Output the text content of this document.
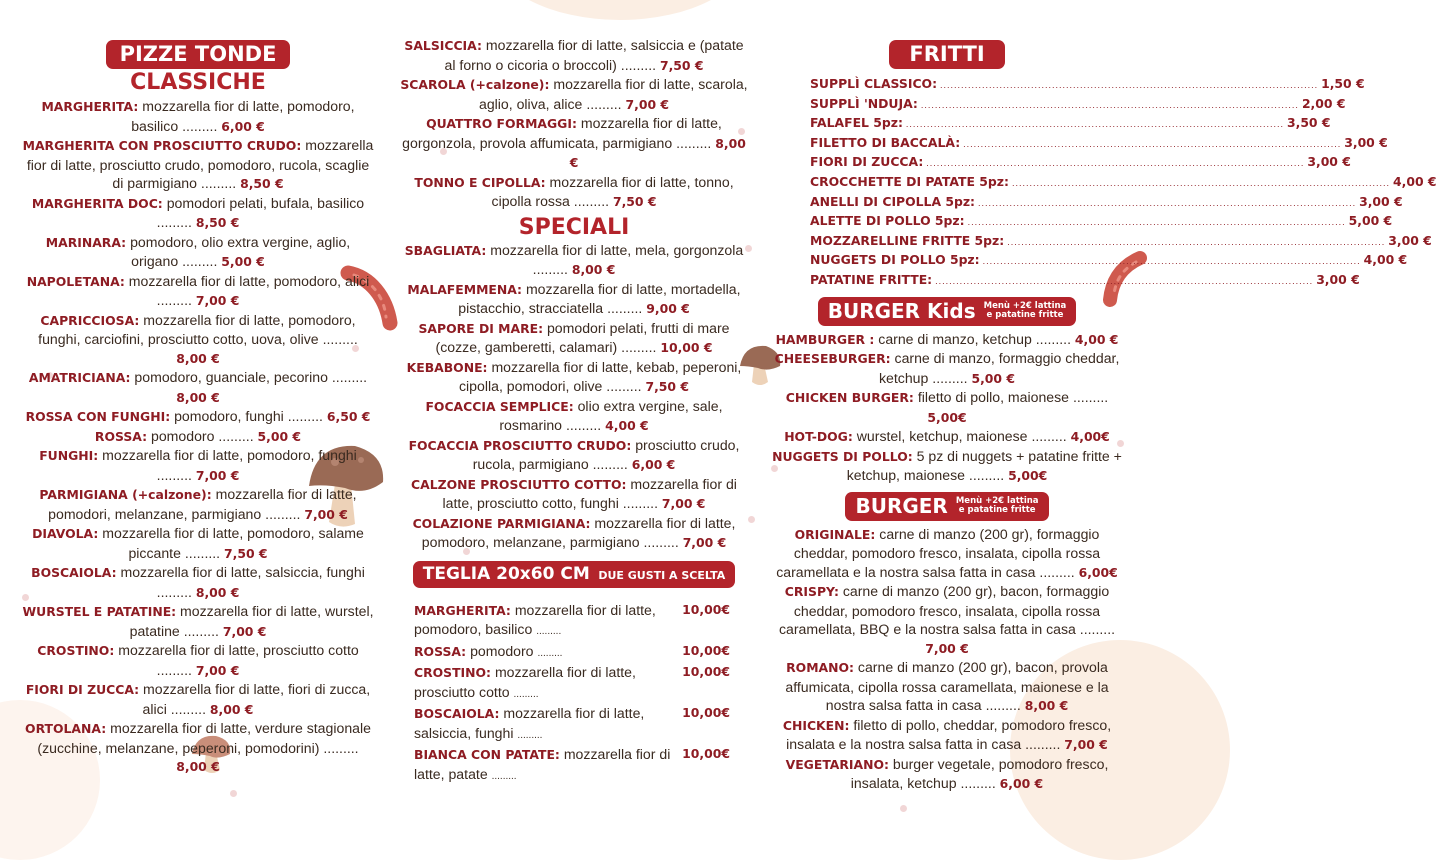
PIZZE TONDE
CLASSICHE
MARGHERITA: mozzarella fior di latte, pomodoro, basilico ......... 6,00 €
MARGHERITA CON PROSCIUTTO CRUDO: mozzarella fior di latte, prosciutto crudo, pomodoro, rucola, scaglie di parmigiano ......... 8,50 €
MARGHERITA DOC: pomodori pelati, bufala, basilico ......... 8,50 €
MARINARA: pomodoro, olio extra vergine, aglio, origano ......... 5,00 €
NAPOLETANA: mozzarella fior di latte, pomodoro, alici ......... 7,00 €
CAPRICCIOSA: mozzarella fior di latte, pomodoro, funghi, carciofini, prosciutto cotto, uova, olive ......... 8,00 €
AMATRICIANA: pomodoro, guanciale, pecorino ......... 8,00 €
ROSSA CON FUNGHI: pomodoro, funghi ......... 6,50 €
ROSSA: pomodoro ......... 5,00 €
FUNGHI: mozzarella fior di latte, pomodoro, funghi ......... 7,00 €
PARMIGIANA (+calzone): mozzarella fior di latte, pomodori, melanzane, parmigiano ......... 7,00 €
DIAVOLA: mozzarella fior di latte, pomodoro, salame piccante ......... 7,50 €
BOSCAIOLA: mozzarella fior di latte, salsiccia, funghi ......... 8,00 €
WURSTEL E PATATINE: mozzarella fior di latte, wurstel, patatine ......... 7,00 €
CROSTINO: mozzarella fior di latte, prosciutto cotto ......... 7,00 €
FIORI DI ZUCCA: mozzarella fior di latte, fiori di zucca, alici ......... 8,00 €
ORTOLANA: mozzarella fior di latte, verdure stagionale (zucchine, melanzane, peperoni, pomodorini) ......... 8,00 €
SALSICCIA: mozzarella fior di latte, salsiccia e (patate al forno o cicoria o broccoli) ......... 7,50 €
SCAROLA (+calzone): mozzarella fior di latte, scarola, aglio, oliva, alice ......... 7,00 €
QUATTRO FORMAGGI: mozzarella fior di latte, gorgonzola, provola affumicata, parmigiano ......... 8,00 €
TONNO E CIPOLLA: mozzarella fior di latte, tonno, cipolla rossa ......... 7,50 €
SPECIALI
SBAGLIATA: mozzarella fior di latte, mela, gorgonzola ......... 8,00 €
MALAFEMMENA: mozzarella fior di latte, mortadella, pistacchio, stracciatella ......... 9,00 €
SAPORE DI MARE: pomodori pelati, frutti di mare (cozze, gamberetti, calamari) ......... 10,00 €
KEBABONE: mozzarella fior di latte, kebab, peperoni, cipolla, pomodori, olive ......... 7,50 €
FOCACCIA SEMPLICE: olio extra vergine, sale, rosmarino ......... 4,00 €
FOCACCIA PROSCIUTTO CRUDO: prosciutto crudo, rucola, parmigiano ......... 6,00 €
CALZONE PROSCIUTTO COTTO: mozzarella fior di latte, prosciutto cotto, funghi ......... 7,00 €
COLAZIONE PARMIGIANA: mozzarella fior di latte, pomodoro, melanzane, parmigiano ......... 7,00 €
TEGLIA 20x60 CM DUE GUSTI A SCELTA
10,00€
MARGHERITA: mozzarella fior di latte, pomodoro, basilico .........
10,00€
ROSSA: pomodoro .........
10,00€
CROSTINO: mozzarella fior di latte, prosciutto cotto .........
10,00€
BOSCAIOLA: mozzarella fior di latte, salsiccia, funghi .........
10,00€
BIANCA CON PATATE: mozzarella fior di latte, patate .........
FRITTI
SUPPLÌ CLASSICO: ............................................................................................................ 1,50 €
SUPPLÌ 'NDUJA: ............................................................................................................ 2,00 €
FALAFEL 5pz: ............................................................................................................ 3,50 €
FILETTO DI BACCALÀ: ............................................................................................................ 3,00 €
FIORI DI ZUCCA: ............................................................................................................ 3,00 €
CROCCHETTE DI PATATE 5pz: ............................................................................................................ 4,00 €
ANELLI DI CIPOLLA 5pz: ............................................................................................................ 3,00 €
ALETTE DI POLLO 5pz: ............................................................................................................ 5,00 €
MOZZARELLINE FRITTE 5pz: ............................................................................................................ 3,00 €
NUGGETS DI POLLO 5pz: ............................................................................................................ 4,00 €
PATATINE FRITTE: ............................................................................................................ 3,00 €
BURGER Kids Menù +2€ lattina
e patatine fritte
HAMBURGER : carne di manzo, ketchup ......... 4,00 €
CHEESEBURGER: carne di manzo, formaggio cheddar, ketchup ......... 5,00 €
CHICKEN BURGER: filetto di pollo, maionese ......... 5,00€
HOT-DOG: wurstel, ketchup, maionese ......... 4,00€
NUGGETS DI POLLO: 5 pz di nuggets + patatine fritte + ketchup, maionese ......... 5,00€
BURGER Menù +2€ lattina
e patatine fritte
ORIGINALE: carne di manzo (200 gr), formaggio cheddar, pomodoro fresco, insalata, cipolla rossa caramellata e la nostra salsa fatta in casa ......... 6,00€
CRISPY: carne di manzo (200 gr), bacon, formaggio cheddar, pomodoro fresco, insalata, cipolla rossa caramellata, BBQ e la nostra salsa fatta in casa ......... 7,00 €
ROMANO: carne di manzo (200 gr), bacon, provola affumicata, cipolla rossa caramellata, maionese e la nostra salsa fatta in casa ......... 8,00 €
CHICKEN: filetto di pollo, cheddar, pomodoro fresco, insalata e la nostra salsa fatta in casa ......... 7,00 €
VEGETARIANO: burger vegetale, pomodoro fresco, insalata, ketchup ......... 6,00 €
